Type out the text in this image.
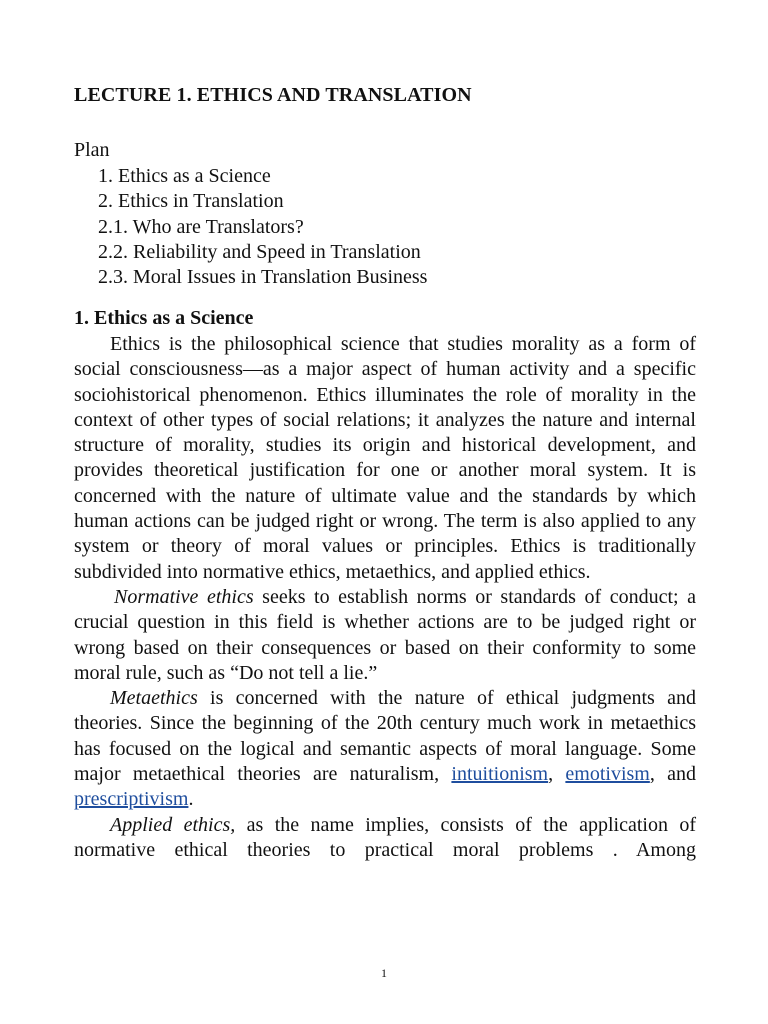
LECTURE 1. ETHICS AND TRANSLATION
Plan
1. Ethics as a Science
2. Ethics in Translation
2.1. Who are Translators?
2.2. Reliability and Speed in Translation
2.3. Moral Issues in Translation Business
1. Ethics as a Science

Ethics is the philosophical science that studies morality as a form of social consciousness—as a major aspect of human activity and a specific sociohistorical phenomenon. Ethics illuminates the role of morality in the context of other types of social relations; it analyzes the nature and internal structure of morality, studies its origin and historical development, and provides theoretical justification for one or another moral system. It is concerned with the nature of ultimate value and the standards by which human actions can be judged right or wrong. The term is also applied to any system or theory of moral values or principles. Ethics is traditionally subdivided into normative ethics, metaethics, and applied ethics.

Normative ethics seeks to establish norms or standards of conduct; a crucial question in this field is whether actions are to be judged right or wrong based on their consequences or based on their conformity to some moral rule, such as “Do not tell a lie.”

Metaethics is concerned with the nature of ethical judgments and theories. Since the beginning of the 20th century much work in metaethics has focused on the logical and semantic aspects of moral language. Some major metaethical theories are naturalism, intuitionism, emotivism, and prescriptivism.

Applied ethics, as the name implies, consists of the application of normative ethical theories to practical moral problems . Among

1
